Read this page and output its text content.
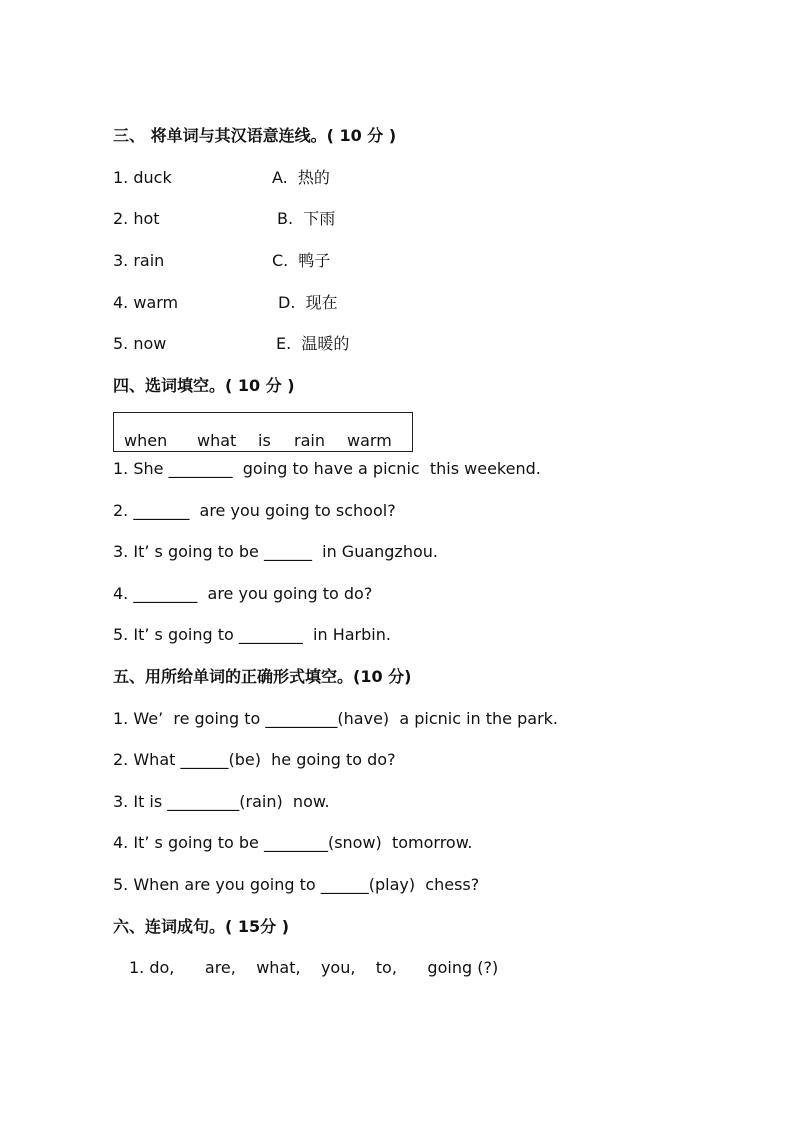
三、 将单词与其汉语意连线。( 10 分 )
1. duck
2. hot
3. rain
4. warm
5. now
A.  热的
B.  下雨
C.  鸭子
D.  现在
E.  温暖的
四、选词填空。( 10 分 )
when what is rain warm
1. She ________  going to have a picnic  this weekend.
2. _______  are you going to school?
3. It’ s going to be ______  in Guangzhou.
4. ________  are you going to do?
5. It’ s going to ________  in Harbin.
五、用所给单词的正确形式填空。(10 分)
1. We’  re going to _________(have)  a picnic in the park.
2. What ______(be)  he going to do?
3. It is _________(rain)  now.
4. It’ s going to be ________(snow)  tomorrow.
5. When are you going to ______(play)  chess?
六、连词成句。( 15分 )
1. do,      are,    what,    you,    to,      going (?)
